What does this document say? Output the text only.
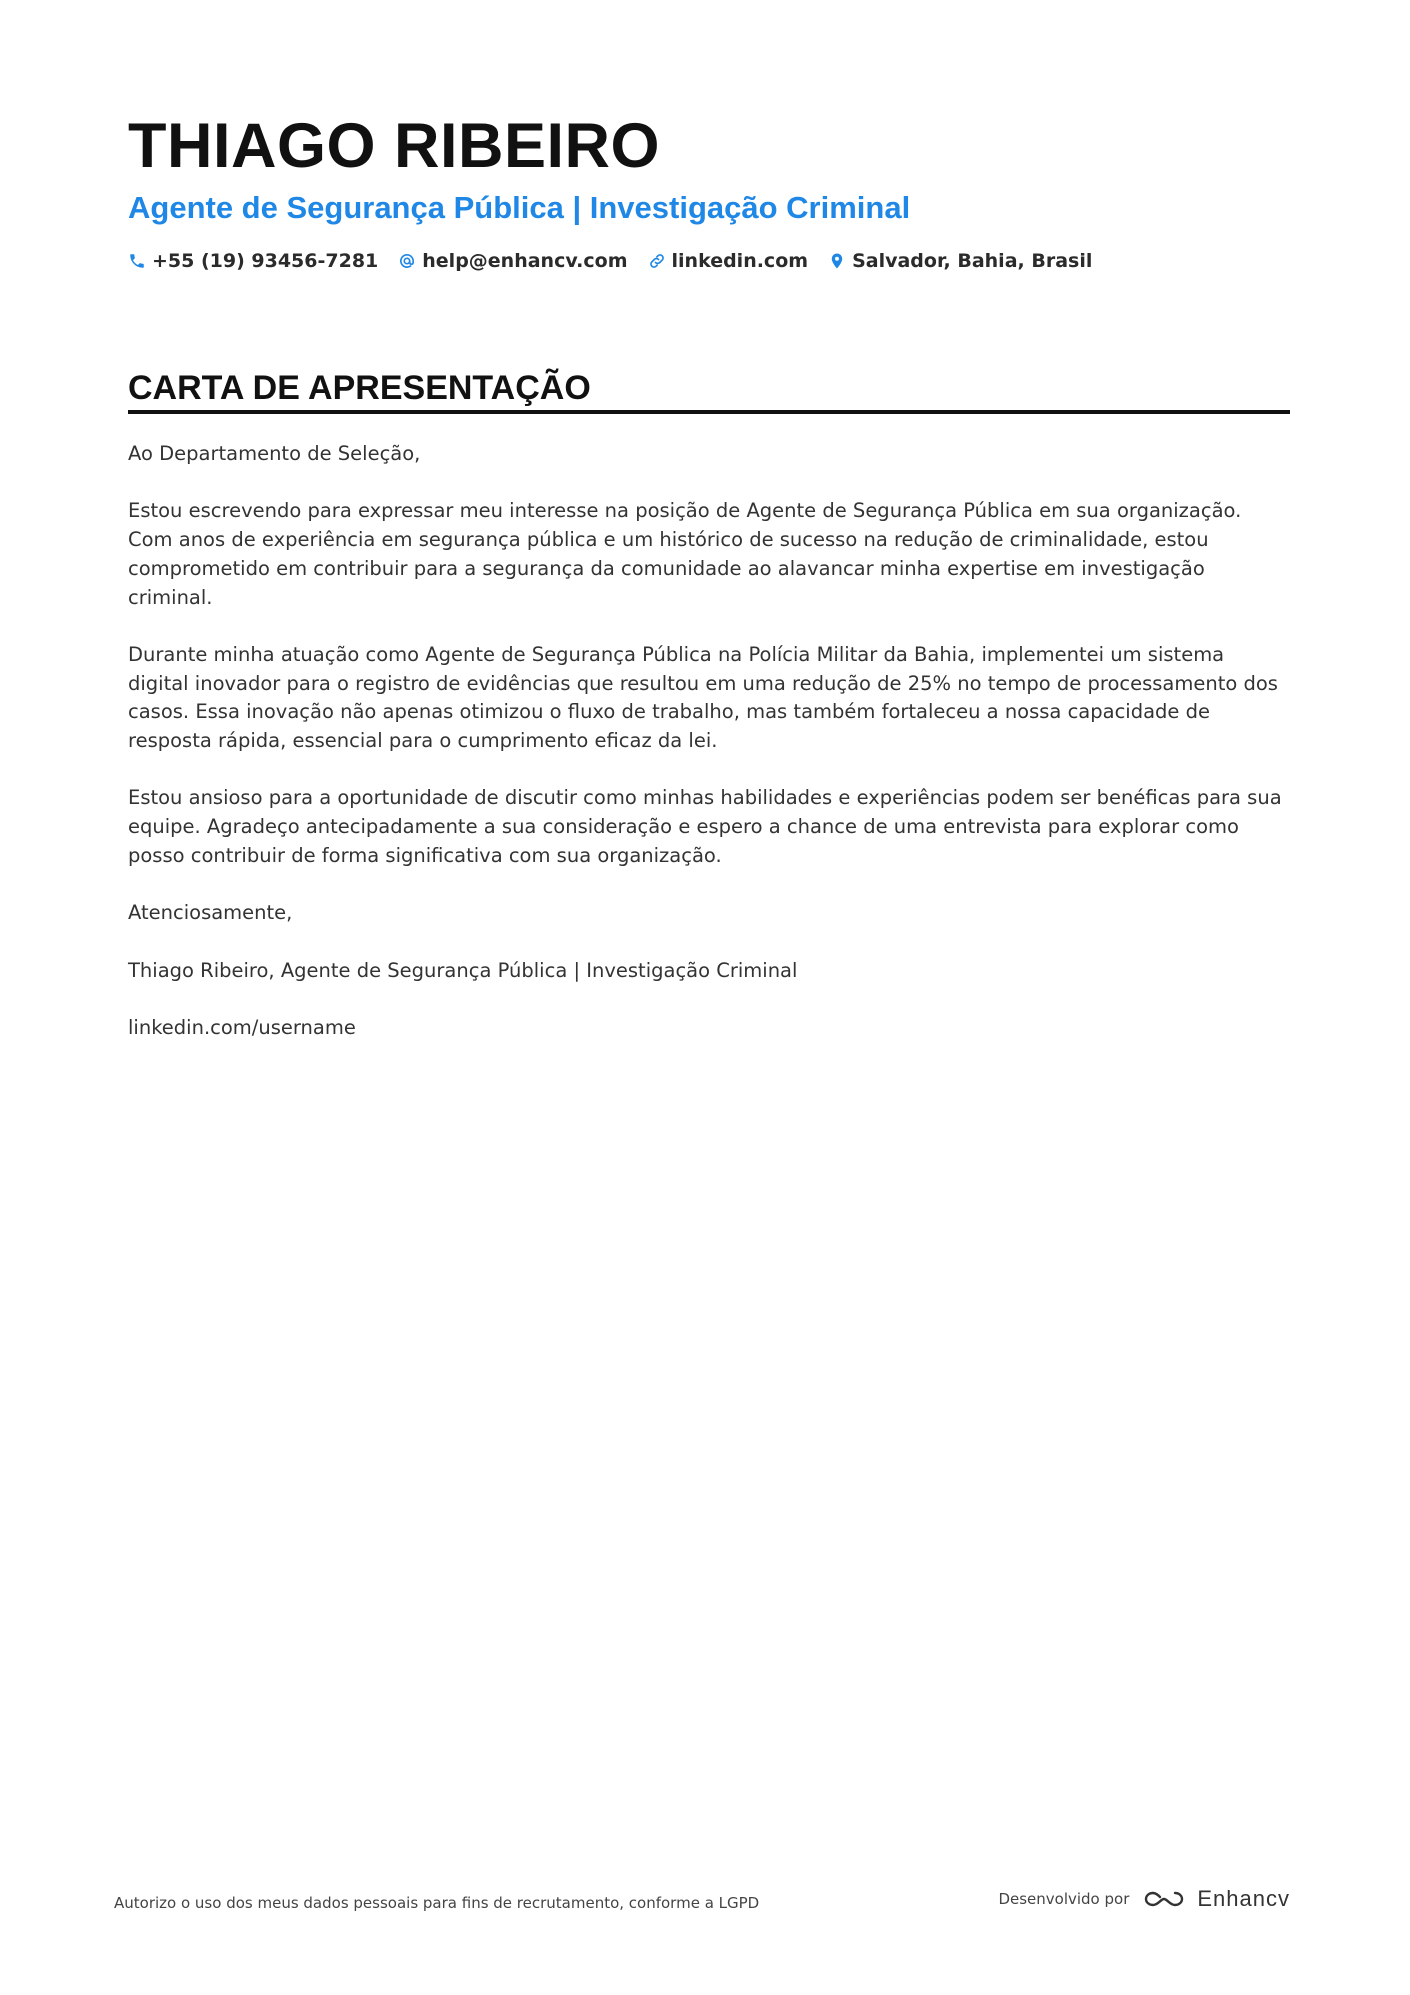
THIAGO RIBEIRO
Agente de Segurança Pública | Investigação Criminal
+55 (19) 93456-7281 help@enhancv.com linkedin.com Salvador, Bahia, Brasil
CARTA DE APRESENTAÇÃO

Ao Departamento de Seleção,

Estou escrevendo para expressar meu interesse na posição de Agente de Segurança Pública em sua organização. Com anos de experiência em segurança pública e um histórico de sucesso na redução de criminalidade, estou comprometido em contribuir para a segurança da comunidade ao alavancar minha expertise em investigação criminal.

Durante minha atuação como Agente de Segurança Pública na Polícia Militar da Bahia, implementei um sistema digital inovador para o registro de evidências que resultou em uma redução de 25% no tempo de processamento dos casos. Essa inovação não apenas otimizou o fluxo de trabalho, mas também fortaleceu a nossa capacidade de resposta rápida, essencial para o cumprimento eficaz da lei.

Estou ansioso para a oportunidade de discutir como minhas habilidades e experiências podem ser benéficas para sua equipe. Agradeço antecipadamente a sua consideração e espero a chance de uma entrevista para explorar como posso contribuir de forma significativa com sua organização.

Atenciosamente,

Thiago Ribeiro, Agente de Segurança Pública | Investigação Criminal

linkedin.com/username

Autorizo o uso dos meus dados pessoais para fins de recrutamento, conforme a LGPD	Desenvolvido por	Enhancv
